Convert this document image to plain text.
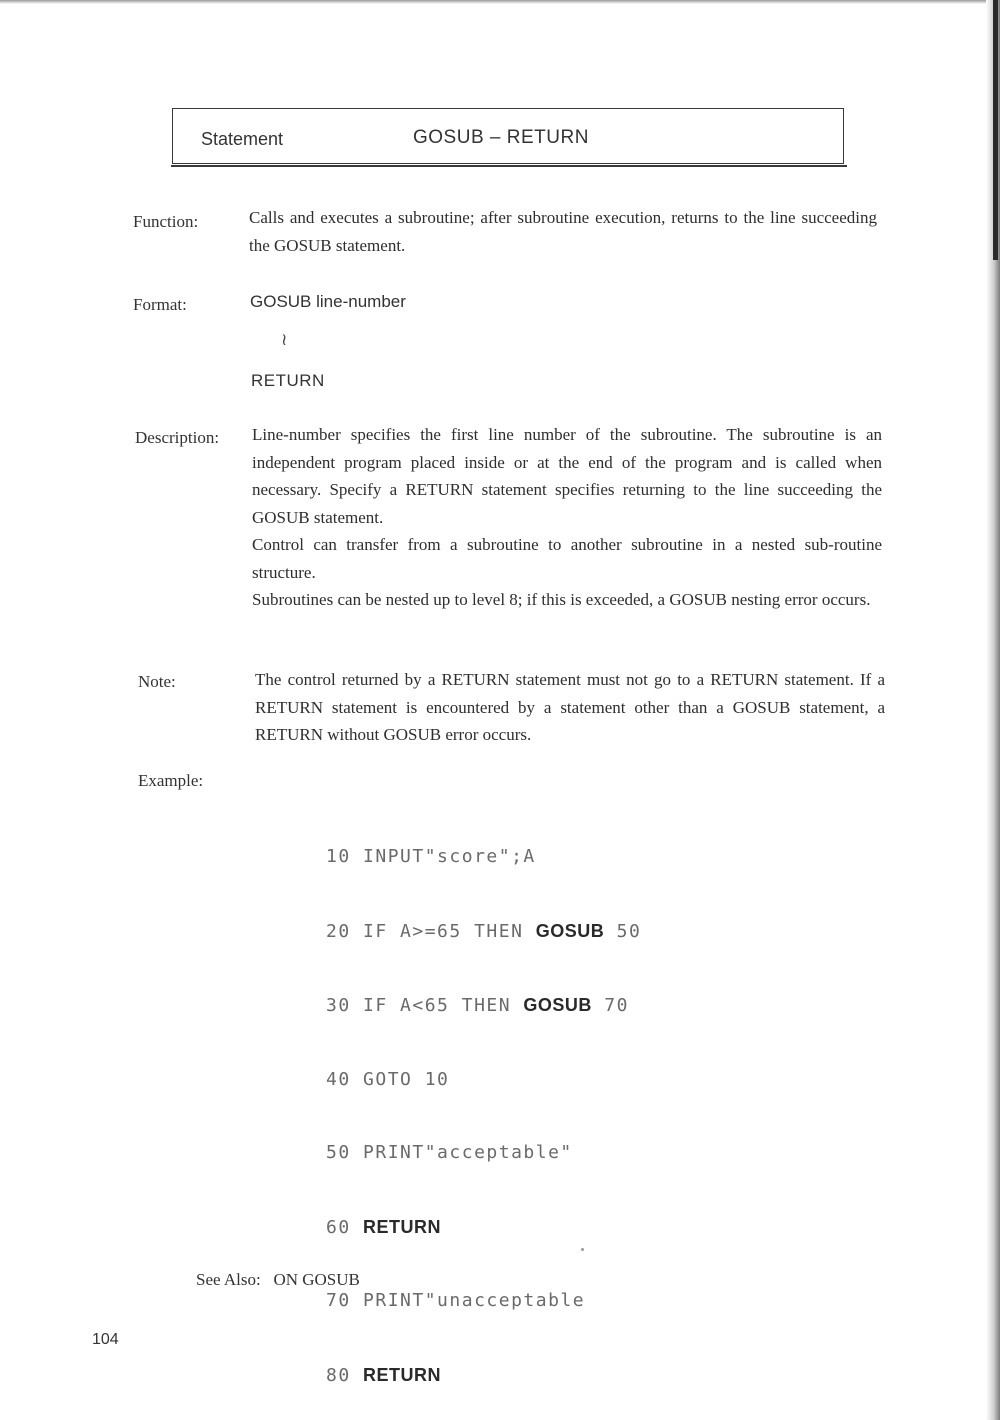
Statement	GOSUB – RETURN
Function:	Calls and executes a subroutine; after subroutine execution, returns to the line succeeding the GOSUB statement.

Format:	GOSUB line-number
≀
RETURN
Description: Line-number specifies the first line number of the subroutine. The subroutine is an independent program placed inside or at the end of the program and is called when necessary. Specify a RETURN statement specifies returning to the line succeeding the GOSUB statement.

Control can transfer from a subroutine to another subroutine in a nested sub-routine structure.

Subroutines can be nested up to level 8; if this is exceeded, a GOSUB nesting error occurs.

Note:	The control returned by a RETURN statement must not go to a RETURN statement. If a RETURN statement is encountered by a statement other than a GOSUB statement, a RETURN without GOSUB error occurs.

Example:

10 INPUT"score";A

20 IF A>=65 THEN GOSUB 50

30 IF A<65 THEN GOSUB 70

40 GOTO 10

50 PRINT"acceptable"

60 RETURN

70 PRINT"unacceptable

80 RETURN

See Also: ON GOSUB
104
